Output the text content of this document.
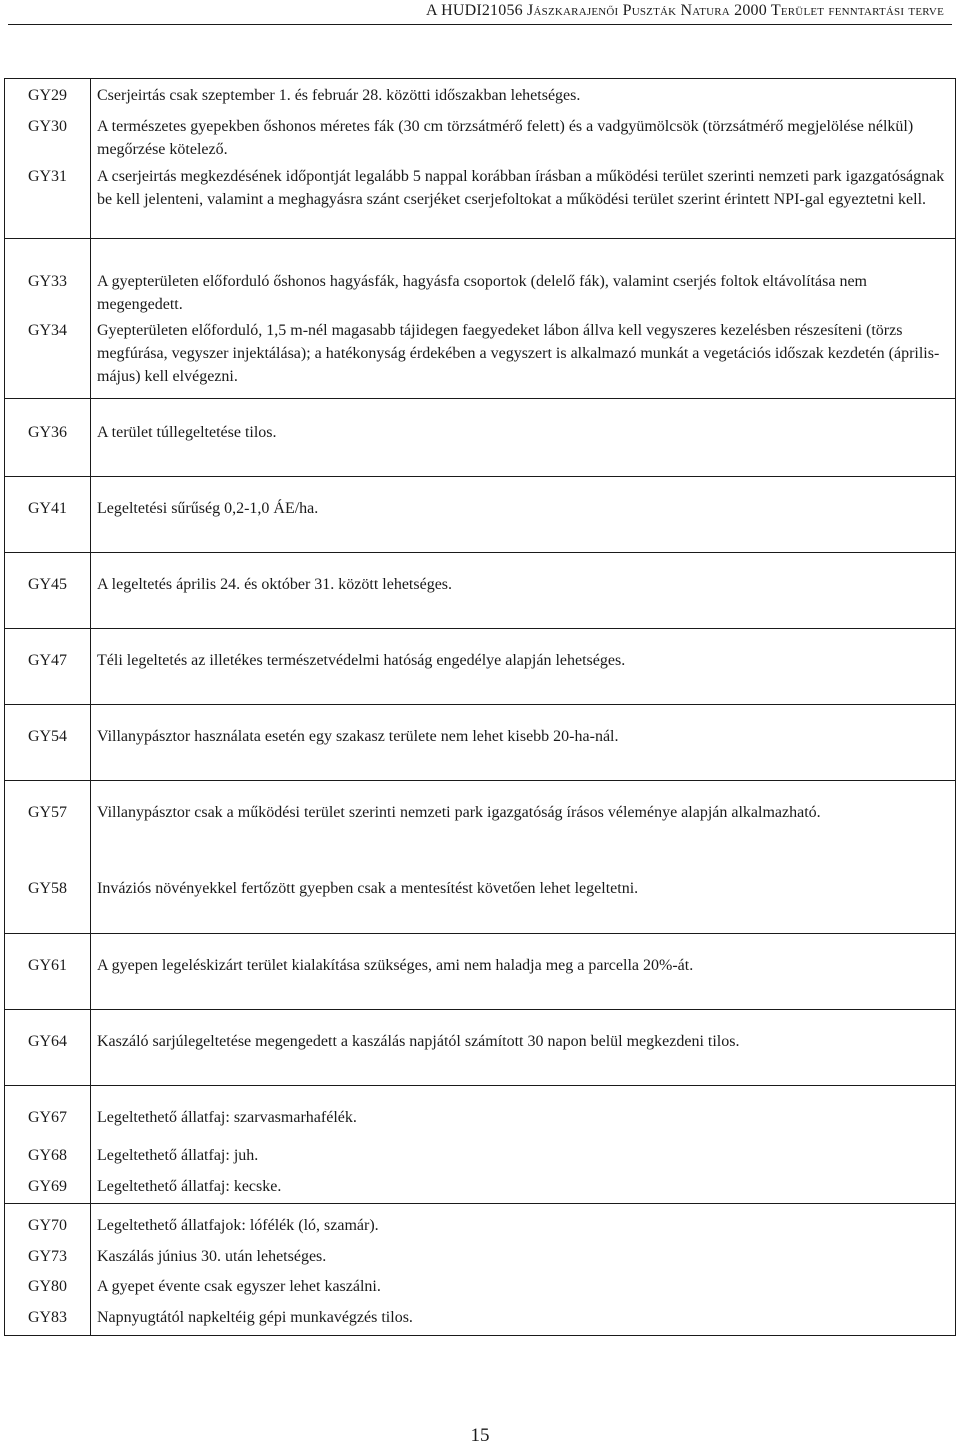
A HUDI21056 Jászkarajenői Puszták Natura 2000 Terület fenntartási terve
GY29	Cserjeirtás csak szeptember 1. és február 28. közötti időszakban lehetséges.
GY30	A természetes gyepekben őshonos méretes fák (30 cm törzsátmérő felett) és a vadgyümölcsök (törzsátmérő megjelölése nélkül) megőrzése kötelező.
GY31	A cserjeirtás megkezdésének időpontját legalább 5 nappal korábban írásban a működési terület szerinti nemzeti park igazgatóságnak be kell jelenteni, valamint a meghagyásra szánt cserjéket cserjefoltokat a működési terület szerint érintett NPI-gal egyeztetni kell.
GY33	A gyepterületen előforduló őshonos hagyásfák, hagyásfa csoportok (delelő fák), valamint cserjés foltok eltávolítása nem megengedett.
GY34	Gyepterületen előforduló, 1,5 m-nél magasabb tájidegen faegyedeket lábon állva kell vegyszeres kezelésben részesíteni (törzs megfúrása, vegyszer injektálása); a hatékonyság érdekében a vegyszert is alkalmazó munkát a vegetációs időszak kezdetén (április-május) kell elvégezni.
GY36	A terület túllegeltetése tilos.
GY41	Legeltetési sűrűség 0,2-1,0 ÁE/ha.
GY45	A legeltetés április 24. és október 31. között lehetséges.
GY47	Téli legeltetés az illetékes természetvédelmi hatóság engedélye alapján lehetséges.
GY54	Villanypásztor használata esetén egy szakasz területe nem lehet kisebb 20-ha-nál.
GY57	Villanypásztor csak a működési terület szerinti nemzeti park igazgatóság írásos véleménye alapján alkalmazható.
GY58	Inváziós növényekkel fertőzött gyepben csak a mentesítést követően lehet legeltetni.
GY61	A gyepen legeléskizárt terület kialakítása szükséges, ami nem haladja meg a parcella 20%-át.
GY64	Kaszáló sarjúlegeltetése megengedett a kaszálás napjától számított 30 napon belül megkezdeni tilos.
GY67	Legeltethető állatfaj: szarvasmarhafélék.
GY68	Legeltethető állatfaj: juh.
GY69	Legeltethető állatfaj: kecske.
GY70	Legeltethető állatfajok: lófélék (ló, szamár).
GY73	Kaszálás június 30. után lehetséges.
GY80	A gyepet évente csak egyszer lehet kaszálni.
GY83	Napnyugtától napkeltéig gépi munkavégzés tilos.
15
